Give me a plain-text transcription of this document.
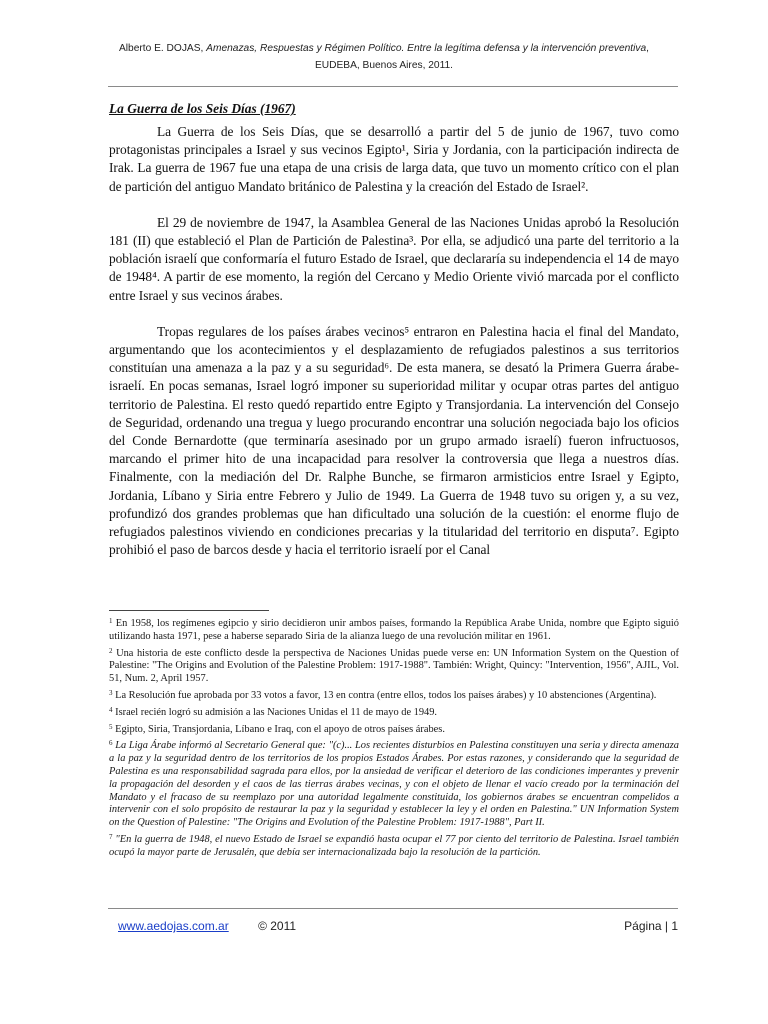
Alberto E. DOJAS, Amenazas, Respuestas y Régimen Político. Entre la legítima defensa y la intervención preventiva,
EUDEBA, Buenos Aires, 2011.
La Guerra de los Seis Días (1967)

La Guerra de los Seis Días, que se desarrolló a partir del 5 de junio de 1967, tuvo como protagonistas principales a Israel y sus vecinos Egipto¹, Siria y Jordania, con la participación indirecta de Irak. La guerra de 1967 fue una etapa de una crisis de larga data, que tuvo un momento crítico con el plan de partición del antiguo Mandato británico de Palestina y la creación del Estado de Israel².

El 29 de noviembre de 1947, la Asamblea General de las Naciones Unidas aprobó la Resolución 181 (II) que estableció el Plan de Partición de Palestina³. Por ella, se adjudicó una parte del territorio a la población israelí que conformaría el futuro Estado de Israel, que declararía su independencia el 14 de mayo de 1948⁴. A partir de ese momento, la región del Cercano y Medio Oriente vivió marcada por el conflicto entre Israel y sus vecinos árabes.

Tropas regulares de los países árabes vecinos⁵ entraron en Palestina hacia el final del Mandato, argumentando que los acontecimientos y el desplazamiento de refugiados palestinos a sus territorios constituían una amenaza a la paz y a su seguridad⁶. De esta manera, se desató la Primera Guerra árabe-israelí. En pocas semanas, Israel logró imponer su superioridad militar y ocupar otras partes del antiguo territorio de Palestina. El resto quedó repartido entre Egipto y Transjordania. La intervención del Consejo de Seguridad, ordenando una tregua y luego procurando encontrar una solución negociada bajo los oficios del Conde Bernardotte (que terminaría asesinado por un grupo armado israelí) fueron infructuosos, marcando el primer hito de una incapacidad para resolver la controversia que llega a nuestros días. Finalmente, con la mediación del Dr. Ralphe Bunche, se firmaron armisticios entre Israel y Egipto, Jordania, Líbano y Siria entre Febrero y Julio de 1949. La Guerra de 1948 tuvo su origen y, a su vez, profundizó dos grandes problemas que han dificultado una solución de la cuestión: el enorme flujo de refugiados palestinos viviendo en condiciones precarias y la titularidad del territorio en disputa⁷. Egipto prohibió el paso de barcos desde y hacia el territorio israelí por el Canal

$^1$ En 1958, los regímenes egipcio y sirio decidieron unir ambos países, formando la República Arabe Unida, nombre que Egipto siguió utilizando hasta 1971, pese a haberse separado Siria de la alianza luego de una revolución militar en 1961.

$^2$ Una historia de este conflicto desde la perspectiva de Naciones Unidas puede verse en: UN Information System on the Question of Palestine: "The Origins and Evolution of the Palestine Problem: 1917-1988". También: Wright, Quincy: "Intervention, 1956", AJIL, Vol. 51, Num. 2, April 1957.

$^3$ La Resolución fue aprobada por 33 votos a favor, 13 en contra (entre ellos, todos los países árabes) y 10 abstenciones (Argentina).

$^4$ Israel recién logró su admisión a las Naciones Unidas el 11 de mayo de 1949.

$^5$ Egipto, Siria, Transjordania, Líbano e Iraq, con el apoyo de otros países árabes.

$^6$ La Liga Árabe informó al Secretario General que: "(c)... Los recientes disturbios en Palestina constituyen una seria y directa amenaza a la paz y la seguridad dentro de los territorios de los propios Estados Árabes. Por estas razones, y considerando que la seguridad de Palestina es una responsabilidad sagrada para ellos, por la ansiedad de verificar el deterioro de las condiciones imperantes y prevenir la propagación del desorden y el caos de las tierras árabes vecinas, y con el objeto de llenar el vacío creado por la terminación del Mandato y el fracaso de su reemplazo por una autoridad legalmente constituida, los gobiernos árabes se encuentran compelidos a intervenir con el solo propósito de restaurar la paz y la seguridad y establecer la ley y el orden en Palestina." UN Information System on the Question of Palestine: "The Origins and Evolution of the Palestine Problem: 1917-1988", Part II.

$^7$ "En la guerra de 1948, el nuevo Estado de Israel se expandió hasta ocupar el 77 por ciento del territorio de Palestina. Israel también ocupó la mayor parte de Jerusalén, que debía ser internacionalizada bajo la resolución de la partición.

www.aedojas.com.ar © 2011	Página | 1
